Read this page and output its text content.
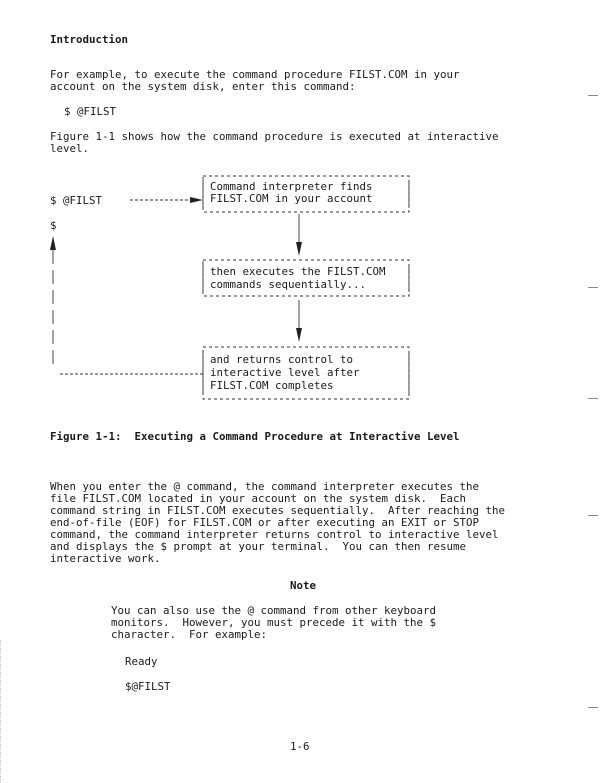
Introduction
For example, to execute the command procedure FILST.COM in your
account on the system disk, enter this command:
$ @FILST
Figure 1-1 shows how the command procedure is executed at interactive
level.
$ @FILST
$
Command interpreter finds
FILST.COM in your account
then executes the FILST.COM
commands sequentially...
and returns control to
interactive level after
FILST.COM completes
Figure 1-1:  Executing a Command Procedure at Interactive Level
When you enter the @ command, the command interpreter executes the
file FILST.COM located in your account on the system disk.  Each
command string in FILST.COM executes sequentially.  After reaching the
end-of-file (EOF) for FILST.COM or after executing an EXIT or STOP
command, the command interpreter returns control to interactive level
and displays the $ prompt at your terminal.  You can then resume
interactive work.
Note
You can also use the @ command from other keyboard
monitors.  However, you must precede it with the $
character.  For example:
Ready
$@FILST
1-6
